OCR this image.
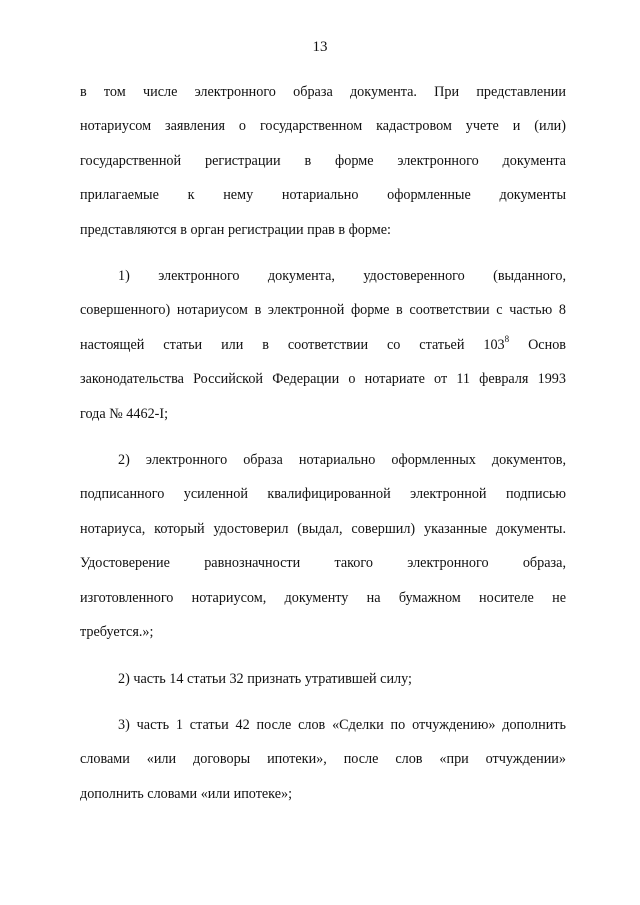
13

в том числе электронного образа документа. При представлении
нотариусом заявления о государственном кадастровом учете и (или)
государственной регистрации в форме электронного документа
прилагаемые к нему нотариально оформленные документы
представляются в орган регистрации прав в форме:

1) электронного документа, удостоверенного (выданного,
совершенного) нотариусом в электронной форме в соответствии с частью 8
настоящей статьи или в соответствии со статьей $103^8$ Основ
законодательства Российской Федерации о нотариате от 11 февраля 1993
года № 4462-I;

2) электронного образа нотариально оформленных документов,
подписанного усиленной квалифицированной электронной подписью
нотариуса, который удостоверил (выдал, совершил) указанные документы.
Удостоверение равнозначности такого электронного образа,
изготовленного нотариусом, документу на бумажном носителе не
требуется.»;

2) часть 14 статьи 32 признать утратившей силу;

3) часть 1 статьи 42 после слов «Сделки по отчуждению» дополнить
словами «или договоры ипотеки», после слов «при отчуждении»
дополнить словами «или ипотеке»;
